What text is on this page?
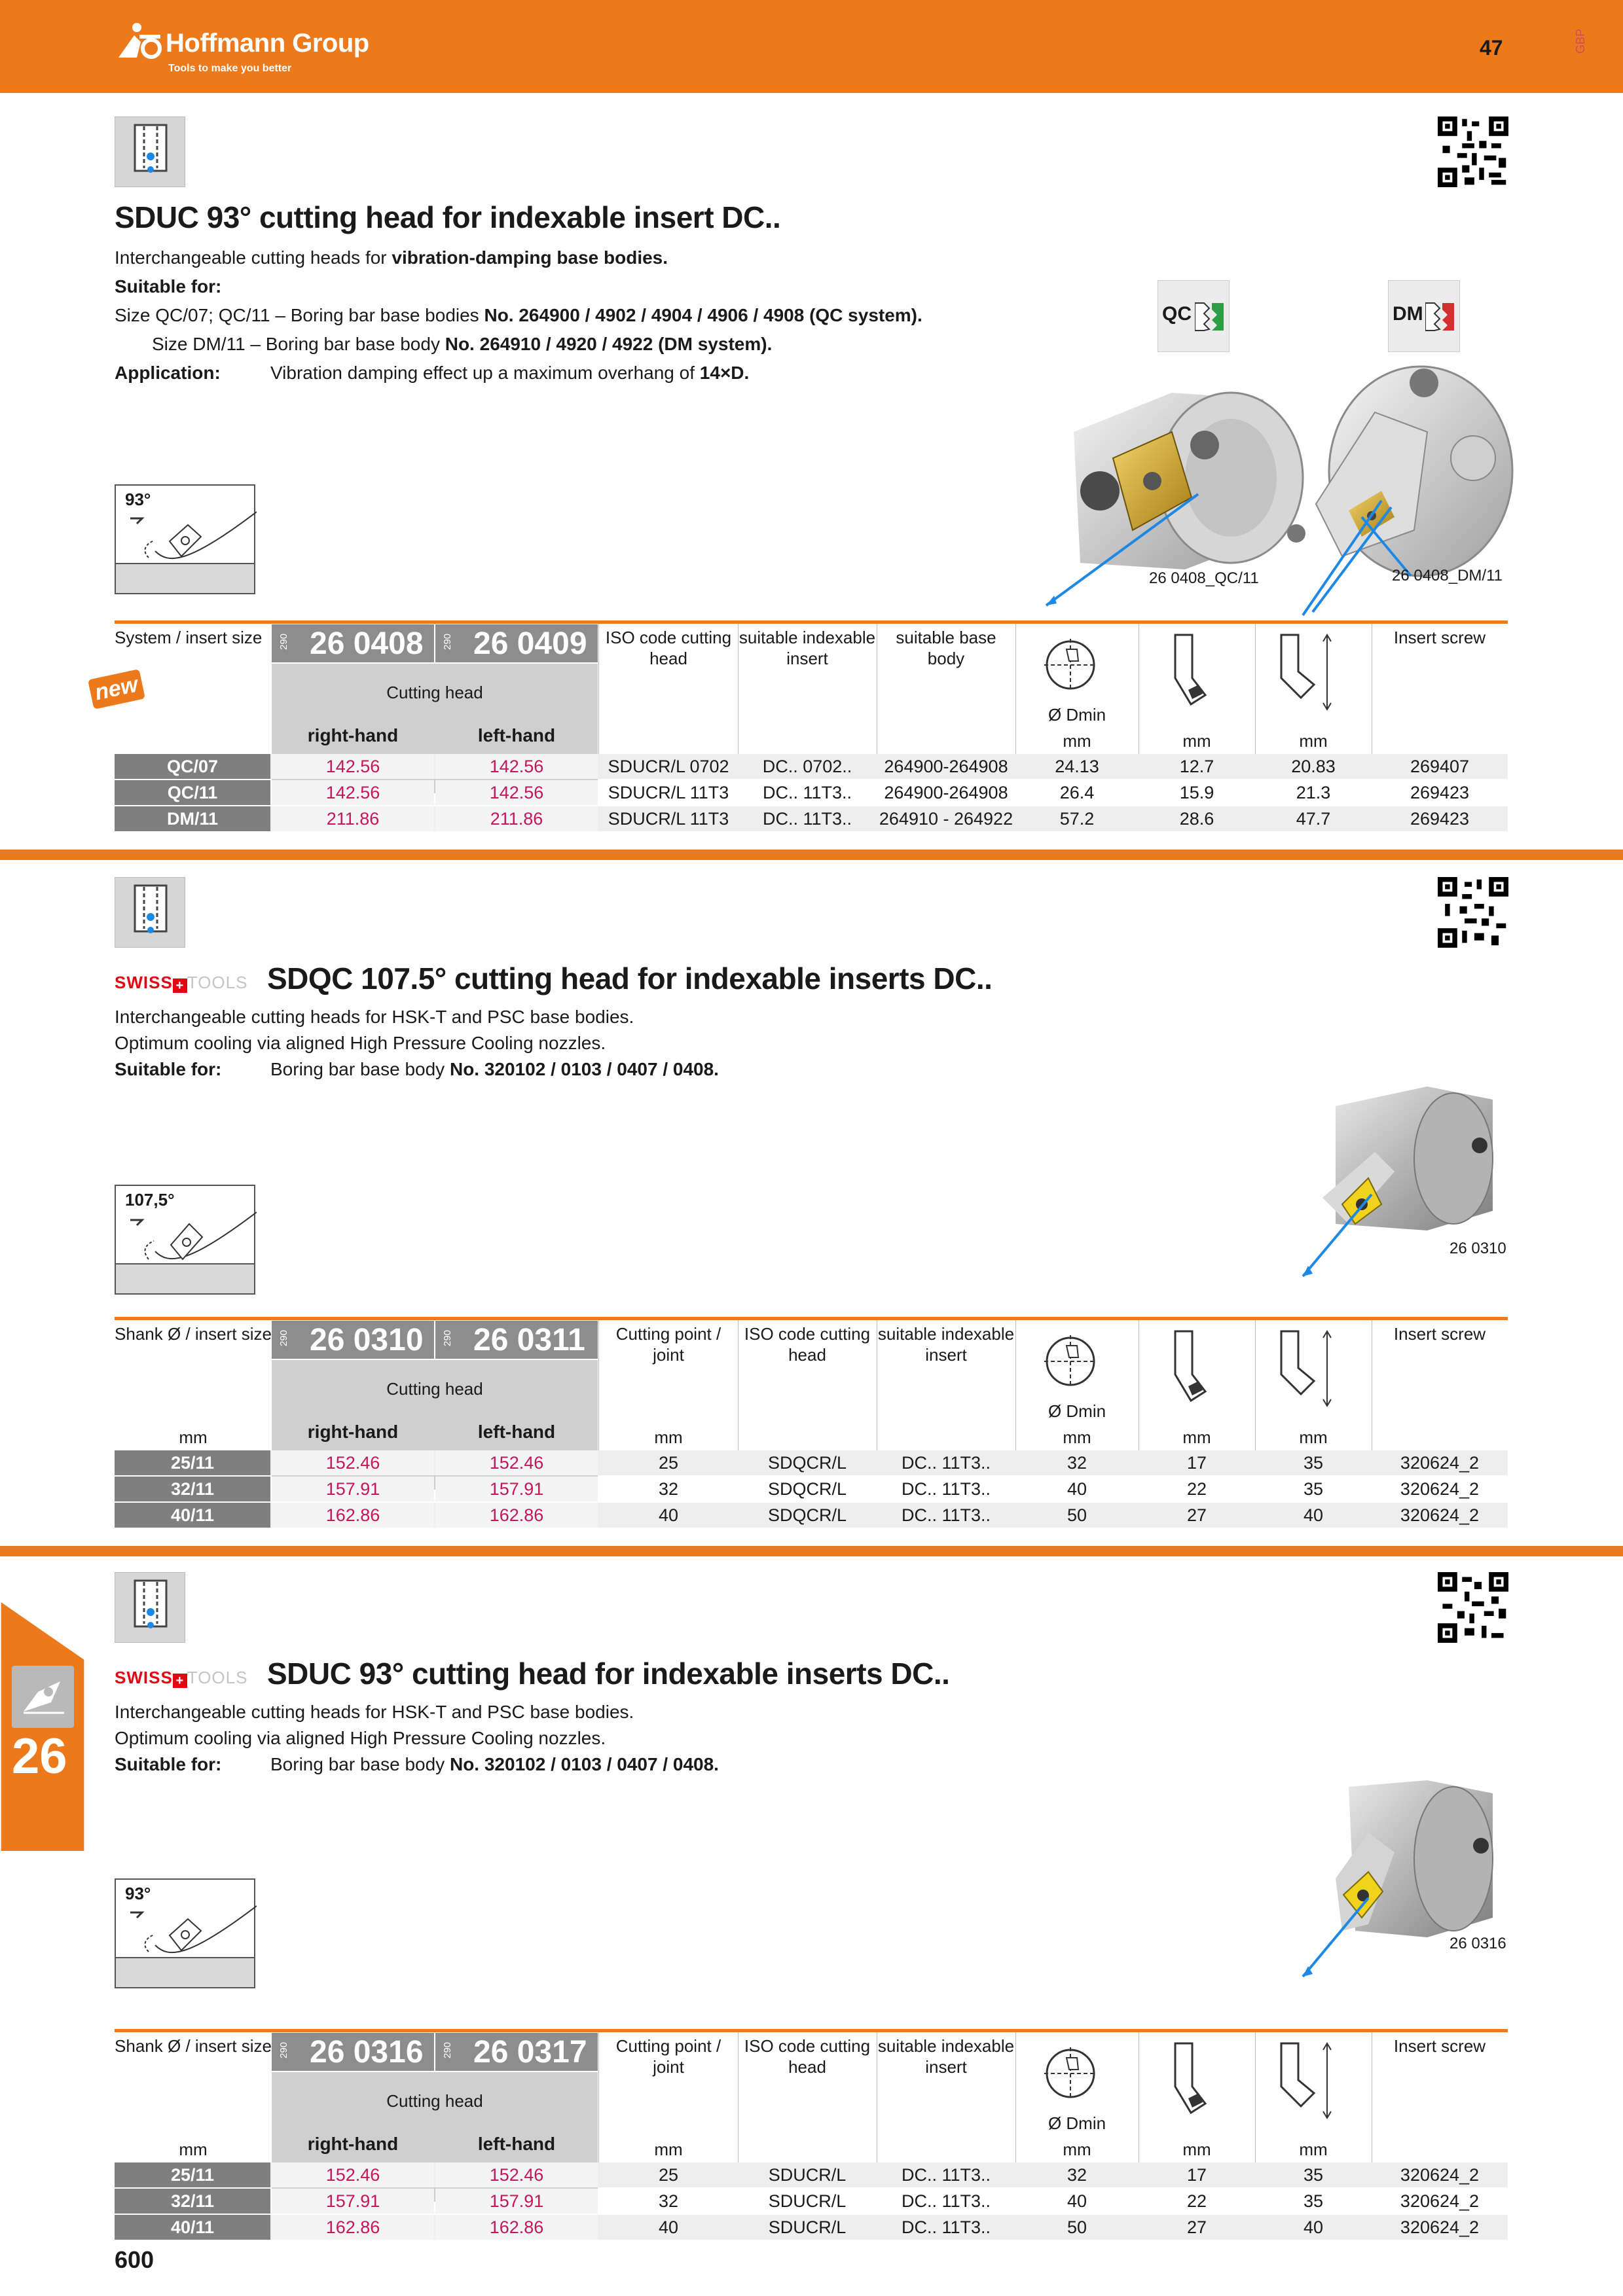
Hoffmann Group
Tools to make you better
47	GBP
26
SDUC 93° cutting head for indexable insert DC..
Interchangeable cutting heads for vibration-damping base bodies.
Suitable for:
Size QC/07; QC/11 – Boring bar base bodies No. 264900 / 4902 / 4904 / 4906 / 4908 (QC system).
Size DM/11 – Boring bar base body No. 264910 / 4920 / 4922 (DM system).
Application:	Vibration damping effect up a maximum overhang of 14×D.
QC	DM
26 0408_QC/11	26 0408_DM/11
93°
new
System / insert size	290 26 0408 290 26 0409
Cutting head
right-hand	left-hand
ISO code cutting head
suitable indexable insert
suitable base body
Ø Dmin
mm	mm	mm
Insert screw
QC/07	142.56	142.56	SDUCR/L 0702	DC.. 0702..	264900-264908	24.13	12.7	20.83	269407
QC/11	142.56	142.56	SDUCR/L 11T3	DC.. 11T3..	264900-264908	26.4	15.9	21.3	269423
DM/11	211.86	211.86	SDUCR/L 11T3	DC.. 11T3..	264910 - 264922	57.2	28.6	47.7	269423
SWISS + TOOLS SDQC 107.5° cutting head for indexable inserts DC..
Interchangeable cutting heads for HSK-T and PSC base bodies.
Optimum cooling via aligned High Pressure Cooling nozzles.
Suitable for:	Boring bar base body No. 320102 / 0103 / 0407 / 0408.
26 0310
107,5°
Shank Ø / insert size
mm
290 26 0310 290 26 0311
Cutting head
right-hand	left-hand
Cutting point / joint
mm
ISO code cutting head
suitable indexable insert
Ø Dmin
mm	mm	mm
Insert screw
25/11	152.46	152.46	25	SDQCR/L	DC.. 11T3..	32	17	35	320624_2
32/11	157.91	157.91	32	SDQCR/L	DC.. 11T3..	40	22	35	320624_2
40/11	162.86	162.86	40	SDQCR/L	DC.. 11T3..	50	27	40	320624_2
SWISS + TOOLS SDUC 93° cutting head for indexable inserts DC..
Interchangeable cutting heads for HSK-T and PSC base bodies.
Optimum cooling via aligned High Pressure Cooling nozzles.
Suitable for:	Boring bar base body No. 320102 / 0103 / 0407 / 0408.
26 0316
93°
Shank Ø / insert size
mm
290 26 0316 290 26 0317
Cutting head
right-hand	left-hand
Cutting point / joint
mm
ISO code cutting head
suitable indexable insert
Ø Dmin
mm	mm	mm
Insert screw
25/11	152.46	152.46	25	SDUCR/L	DC.. 11T3..	32	17	35	320624_2
32/11	157.91	157.91	32	SDUCR/L	DC.. 11T3..	40	22	35	320624_2
40/11	162.86	162.86	40	SDUCR/L	DC.. 11T3..	50	27	40	320624_2
600
